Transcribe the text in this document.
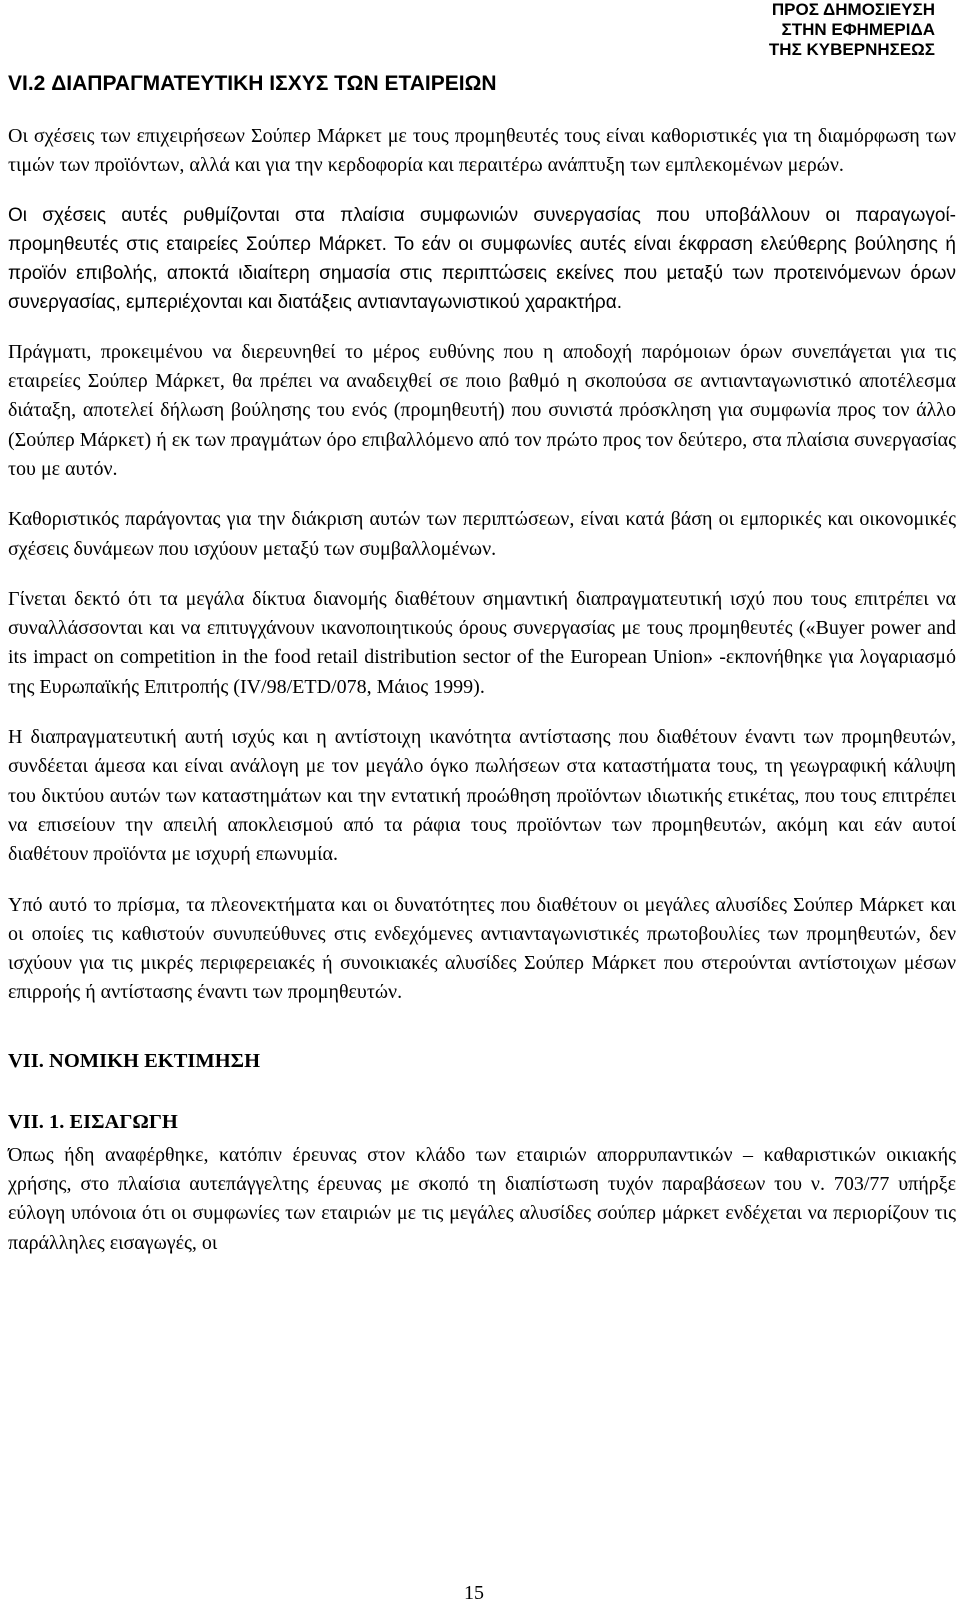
ΠΡΟΣ ΔΗΜΟΣΙΕΥΣΗ
ΣΤΗΝ ΕΦΗΜΕΡΙΔΑ
ΤΗΣ ΚΥΒΕΡΝΗΣΕΩΣ
VI.2 ΔΙΑΠΡΑΓΜΑΤΕΥΤΙΚΗ ΙΣΧΥΣ ΤΩΝ ΕΤΑΙΡΕΙΩΝ

Οι σχέσεις των επιχειρήσεων Σούπερ Μάρκετ με τους προμηθευτές τους είναι καθοριστικές για τη διαμόρφωση των τιμών των προϊόντων, αλλά και για την κερδοφορία και περαιτέρω ανάπτυξη των εμπλεκομένων μερών.

Οι σχέσεις αυτές ρυθμίζονται στα πλαίσια συμφωνιών συνεργασίας που υποβάλλουν οι παραγωγοί-προμηθευτές στις εταιρείες Σούπερ Μάρκετ. Το εάν οι συμφωνίες αυτές είναι έκφραση ελεύθερης βούλησης ή προϊόν επιβολής, αποκτά ιδιαίτερη σημασία στις περιπτώσεις εκείνες που μεταξύ των προτεινόμενων όρων συνεργασίας, εμπεριέχονται και διατάξεις αντιανταγωνιστικού χαρακτήρα.

Πράγματι, προκειμένου να διερευνηθεί το μέρος ευθύνης που η αποδοχή παρόμοιων όρων συνεπάγεται για τις εταιρείες Σούπερ Μάρκετ, θα πρέπει να αναδειχθεί σε ποιο βαθμό η σκοπούσα σε αντιανταγωνιστικό αποτέλεσμα διάταξη, αποτελεί δήλωση βούλησης του ενός (προμηθευτή) που συνιστά πρόσκληση για συμφωνία προς τον άλλο (Σούπερ Μάρκετ) ή εκ των πραγμάτων όρο επιβαλλόμενο από τον πρώτο προς τον δεύτερο, στα πλαίσια συνεργασίας του με αυτόν.

Καθοριστικός παράγοντας για την διάκριση αυτών των περιπτώσεων, είναι κατά βάση οι εμπορικές και οικονομικές σχέσεις δυνάμεων που ισχύουν μεταξύ των συμβαλλομένων.

Γίνεται δεκτό ότι τα μεγάλα δίκτυα διανομής διαθέτουν σημαντική διαπραγματευτική ισχύ που τους επιτρέπει να συναλλάσσονται και να επιτυγχάνουν ικανοποιητικούς όρους συνεργασίας με τους προμηθευτές («Buyer power and its impact on competition in the food retail distribution sector of the European Union» -εκπονήθηκε για λογαριασμό της Ευρωπαϊκής Επιτροπής (IV/98/ETD/078, Μάιος 1999).

Η διαπραγματευτική αυτή ισχύς και η αντίστοιχη ικανότητα αντίστασης που διαθέτουν έναντι των προμηθευτών, συνδέεται άμεσα και είναι ανάλογη με τον μεγάλο όγκο πωλήσεων στα καταστήματα τους, τη γεωγραφική κάλυψη του δικτύου αυτών των καταστημάτων και την εντατική προώθηση προϊόντων ιδιωτικής ετικέτας, που τους επιτρέπει να επισείουν την απειλή αποκλεισμού από τα ράφια τους προϊόντων των προμηθευτών, ακόμη και εάν αυτοί διαθέτουν προϊόντα με ισχυρή επωνυμία.

Υπό αυτό το πρίσμα, τα πλεονεκτήματα και οι δυνατότητες που διαθέτουν οι μεγάλες αλυσίδες Σούπερ Μάρκετ και οι οποίες τις καθιστούν συνυπεύθυνες στις ενδεχόμενες αντιανταγωνιστικές πρωτοβουλίες των προμηθευτών, δεν ισχύουν για τις μικρές περιφερειακές ή συνοικιακές αλυσίδες Σούπερ Μάρκετ που στερούνται αντίστοιχων μέσων επιρροής ή αντίστασης έναντι των προμηθευτών.

VII. ΝΟΜΙΚΗ ΕΚΤΙΜΗΣΗ
VII. 1. ΕΙΣΑΓΩΓΗ

Όπως ήδη αναφέρθηκε, κατόπιν έρευνας στον κλάδο των εταιριών απορρυπαντικών – καθαριστικών οικιακής χρήσης, στο πλαίσια αυτεπάγγελτης έρευνας με σκοπό τη διαπίστωση τυχόν παραβάσεων του ν. 703/77 υπήρξε εύλογη υπόνοια ότι οι συμφωνίες των εταιριών με τις μεγάλες αλυσίδες σούπερ μάρκετ ενδέχεται να περιορίζουν τις παράλληλες εισαγωγές, οι

15
